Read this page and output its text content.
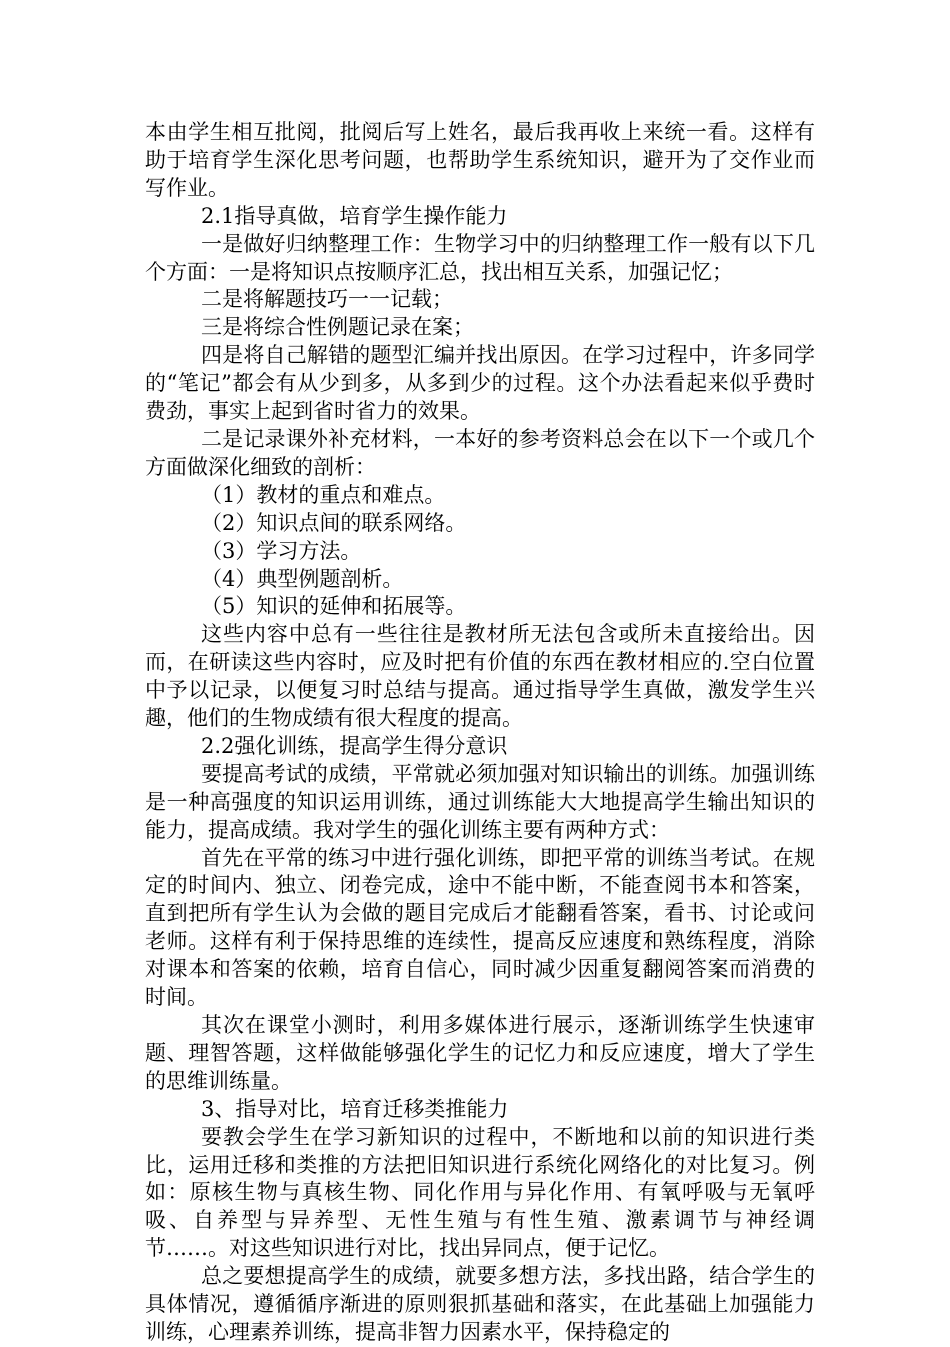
本由学生相互批阅，批阅后写上姓名，最后我再收上来统一看。这样有助于培育学生深化思考问题，也帮助学生系统知识，避开为了交作业而写作业。

2.1指导真做，培育学生操作能力

一是做好归纳整理工作：生物学习中的归纳整理工作一般有以下几个方面：一是将知识点按顺序汇总，找出相互关系，加强记忆；

二是将解题技巧一一记载；

三是将综合性例题记录在案；

四是将自己解错的题型汇编并找出原因。在学习过程中，许多同学的“笔记”都会有从少到多，从多到少的过程。这个办法看起来似乎费时费劲，事实上起到省时省力的效果。

二是记录课外补充材料，一本好的参考资料总会在以下一个或几个方面做深化细致的剖析：

（1）教材的重点和难点。

（2）知识点间的联系网络。

（3）学习方法。

（4）典型例题剖析。

（5）知识的延伸和拓展等。

这些内容中总有一些往往是教材所无法包含或所未直接给出。因而，在研读这些内容时，应及时把有价值的东西在教材相应的.空白位置中予以记录，以便复习时总结与提高。通过指导学生真做，激发学生兴趣，他们的生物成绩有很大程度的提高。

2.2强化训练，提高学生得分意识

要提高考试的成绩，平常就必须加强对知识输出的训练。加强训练是一种高强度的知识运用训练，通过训练能大大地提高学生输出知识的能力，提高成绩。我对学生的强化训练主要有两种方式：

首先在平常的练习中进行强化训练，即把平常的训练当考试。在规定的时间内、独立、闭卷完成，途中不能中断，不能查阅书本和答案，直到把所有学生认为会做的题目完成后才能翻看答案，看书、讨论或问老师。这样有利于保持思维的连续性，提高反应速度和熟练程度，消除对课本和答案的依赖，培育自信心，同时减少因重复翻阅答案而消费的时间。

其次在课堂小测时，利用多媒体进行展示，逐渐训练学生快速审题、理智答题，这样做能够强化学生的记忆力和反应速度，增大了学生的思维训练量。

3、指导对比，培育迁移类推能力

要教会学生在学习新知识的过程中，不断地和以前的知识进行类比，运用迁移和类推的方法把旧知识进行系统化网络化的对比复习。例如：原核生物与真核生物、同化作用与异化作用、有氧呼吸与无氧呼吸、自养型与异养型、无性生殖与有性生殖、激素调节与神经调节……。对这些知识进行对比，找出异同点，便于记忆。

总之要想提高学生的成绩，就要多想方法，多找出路，结合学生的具体情况，遵循循序渐进的原则狠抓基础和落实，在此基础上加强能力训练，心理素养训练，提高非智力因素水平，保持稳定的
